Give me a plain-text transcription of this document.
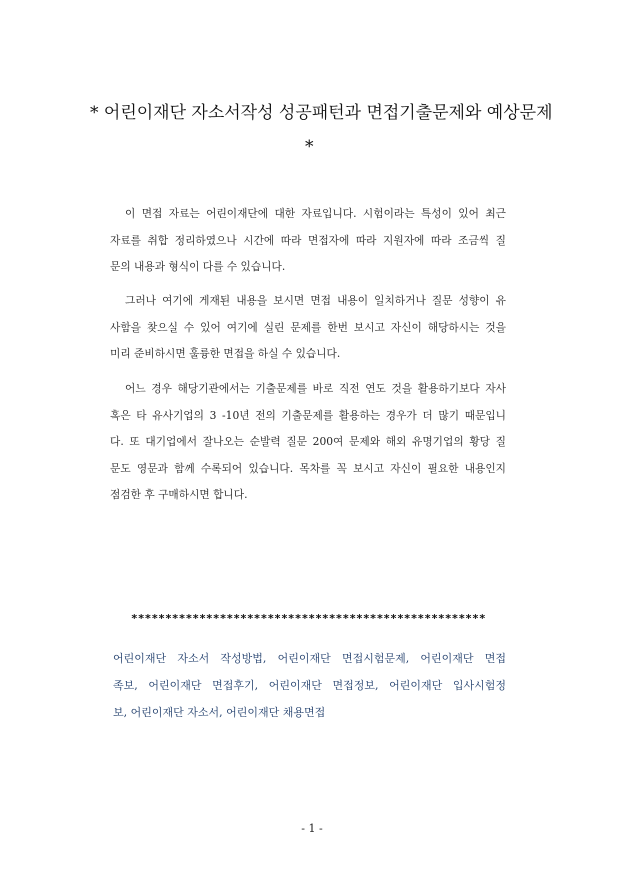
* 어린이재단 자소서작성 성공패턴과 면접기출문제와 예상문제
*
이 면접 자료는 어린이재단에 대한 자료입니다. 시험이라는 특성이 있어 최근
자료를 취합 정리하였으나 시간에 따라 면접자에 따라 지원자에 따라 조금씩 질
문의 내용과 형식이 다를 수 있습니다.
그러나 여기에 게재된 내용을 보시면 면접 내용이 일치하거나 질문 성향이 유
사함을 찾으실 수 있어 여기에 실린 문제를 한번 보시고 자신이 해당하시는 것을
미리 준비하시면 훌륭한 면접을 하실 수 있습니다.
어느 경우 해당기관에서는 기출문제를 바로 직전 연도 것을 활용하기보다 자사
혹은 타 유사기업의 3 -10년 전의 기출문제를 활용하는 경우가 더 많기 때문입니
다. 또 대기업에서 잘나오는 순발력 질문 200여 문제와 해외 유명기업의 황당 질
문도 영문과 함께 수록되어 있습니다. 목차를 꼭 보시고 자신이 필요한 내용인지
점검한 후 구매하시면 합니다.
****************************************************
어린이재단 자소서 작성방법, 어린이재단 면접시험문제, 어린이재단 면접
족보, 어린이재단 면접후기, 어린이재단 면접정보, 어린이재단 입사시험정
보, 어린이재단 자소서, 어린이재단 채용면접
- 1 -
